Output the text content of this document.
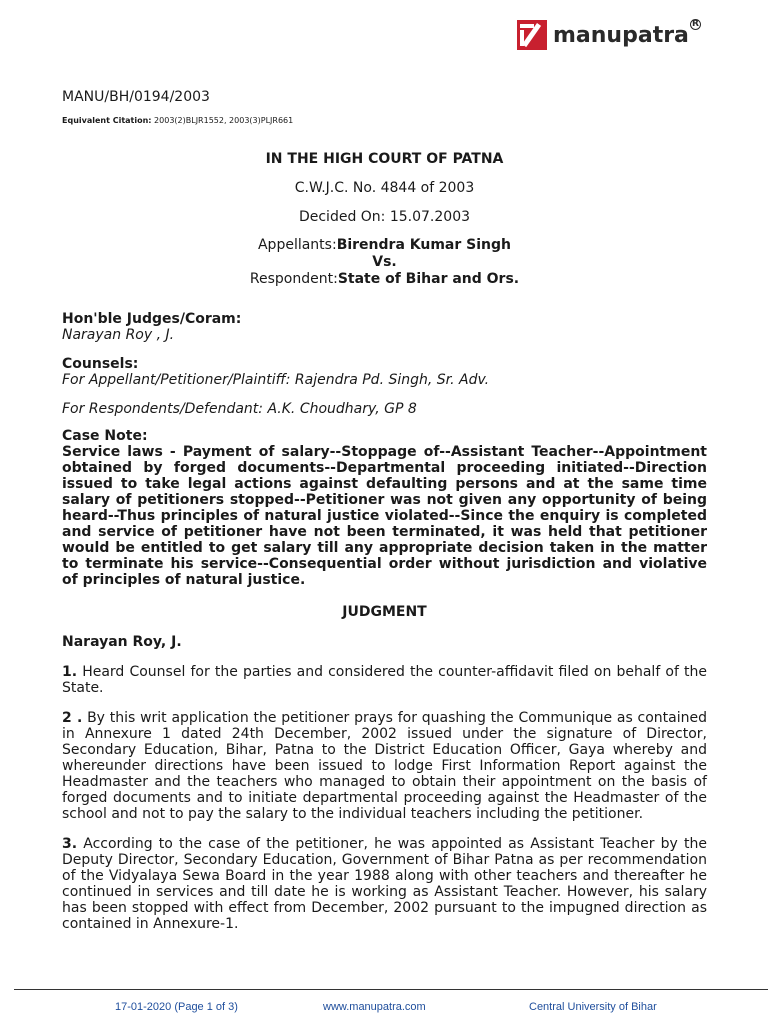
manupatra R
MANU/BH/0194/2003
Equivalent Citation: 2003(2)BLJR1552, 2003(3)PLJR661
IN THE HIGH COURT OF PATNA
C.W.J.C. No. 4844 of 2003
Decided On: 15.07.2003
Appellants:Birendra Kumar Singh
Vs.
Respondent:State of Bihar and Ors.
Hon'ble Judges/Coram:
Narayan Roy , J.
Counsels:
For Appellant/Petitioner/Plaintiff: Rajendra Pd. Singh, Sr. Adv.
For Respondents/Defendant: A.K. Choudhary, GP 8
Case Note:
Service laws - Payment of salary--Stoppage of--Assistant Teacher--Appointment obtained by forged documents--Departmental proceeding initiated--Direction issued to take legal actions against defaulting persons and at the same time salary of petitioners stopped--Petitioner was not given any opportunity of being heard--Thus principles of natural justice violated--Since the enquiry is completed and service of petitioner have not been terminated, it was held that petitioner would be entitled to get salary till any appropriate decision taken in the matter to terminate his service--Consequential order without jurisdiction and violative of principles of natural justice.
JUDGMENT
Narayan Roy, J.
1. Heard Counsel for the parties and considered the counter-affidavit filed on behalf of the State.
2 . By this writ application the petitioner prays for quashing the Communique as contained in Annexure 1 dated 24th December, 2002 issued under the signature of Director, Secondary Education, Bihar, Patna to the District Education Officer, Gaya whereby and whereunder directions have been issued to lodge First Information Report against the Headmaster and the teachers who managed to obtain their appointment on the basis of forged documents and to initiate departmental proceeding against the Headmaster of the school and not to pay the salary to the individual teachers including the petitioner.
3. According to the case of the petitioner, he was appointed as Assistant Teacher by the Deputy Director, Secondary Education, Government of Bihar Patna as per recommendation of the Vidyalaya Sewa Board in the year 1988 along with other teachers and thereafter he continued in services and till date he is working as Assistant Teacher. However, his salary has been stopped with effect from December, 2002 pursuant to the impugned direction as contained in Annexure-1.
17-01-2020 (Page 1 of 3)	www.manupatra.com	Central University of Bihar
